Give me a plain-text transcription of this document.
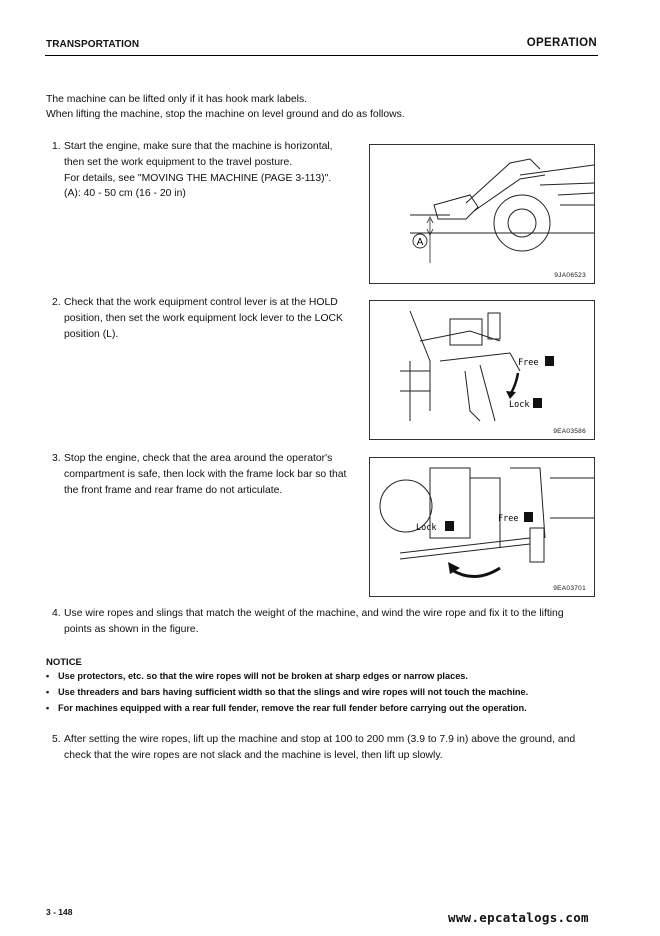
TRANSPORTATION	OPERATION
The machine can be lifted only if it has hook mark labels.
When lifting the machine, stop the machine on level ground and do as follows.
1. Start the engine, make sure that the machine is horizontal,
then set the work equipment to the travel posture.
For details, see "MOVING THE MACHINE (PAGE 3-113)".
(A): 40 - 50 cm (16 - 20 in)
A
9JA06523
2. Check that the work equipment control lever is at the HOLD
position, then set the work equipment lock lever to the LOCK
position (L).
Free
Lock
9EA03586
3. Stop the engine, check that the area around the operator's
compartment is safe, then lock with the frame lock bar so that
the front frame and rear frame do not articulate.
Lock
Free
9EA03701
4. Use wire ropes and slings that match the weight of the machine, and wind the wire rope and fix it to the lifting
points as shown in the figure.
NOTICE
• Use protectors, etc. so that the wire ropes will not be broken at sharp edges or narrow places.
• Use threaders and bars having sufficient width so that the slings and wire ropes will not touch the machine.
• For machines equipped with a rear full fender, remove the rear full fender before carrying out the operation.
5. After setting the wire ropes, lift up the machine and stop at 100 to 200 mm (3.9 to 7.9 in) above the ground, and
check that the wire ropes are not slack and the machine is level, then lift up slowly.
3 - 148	www.epcatalogs.com
